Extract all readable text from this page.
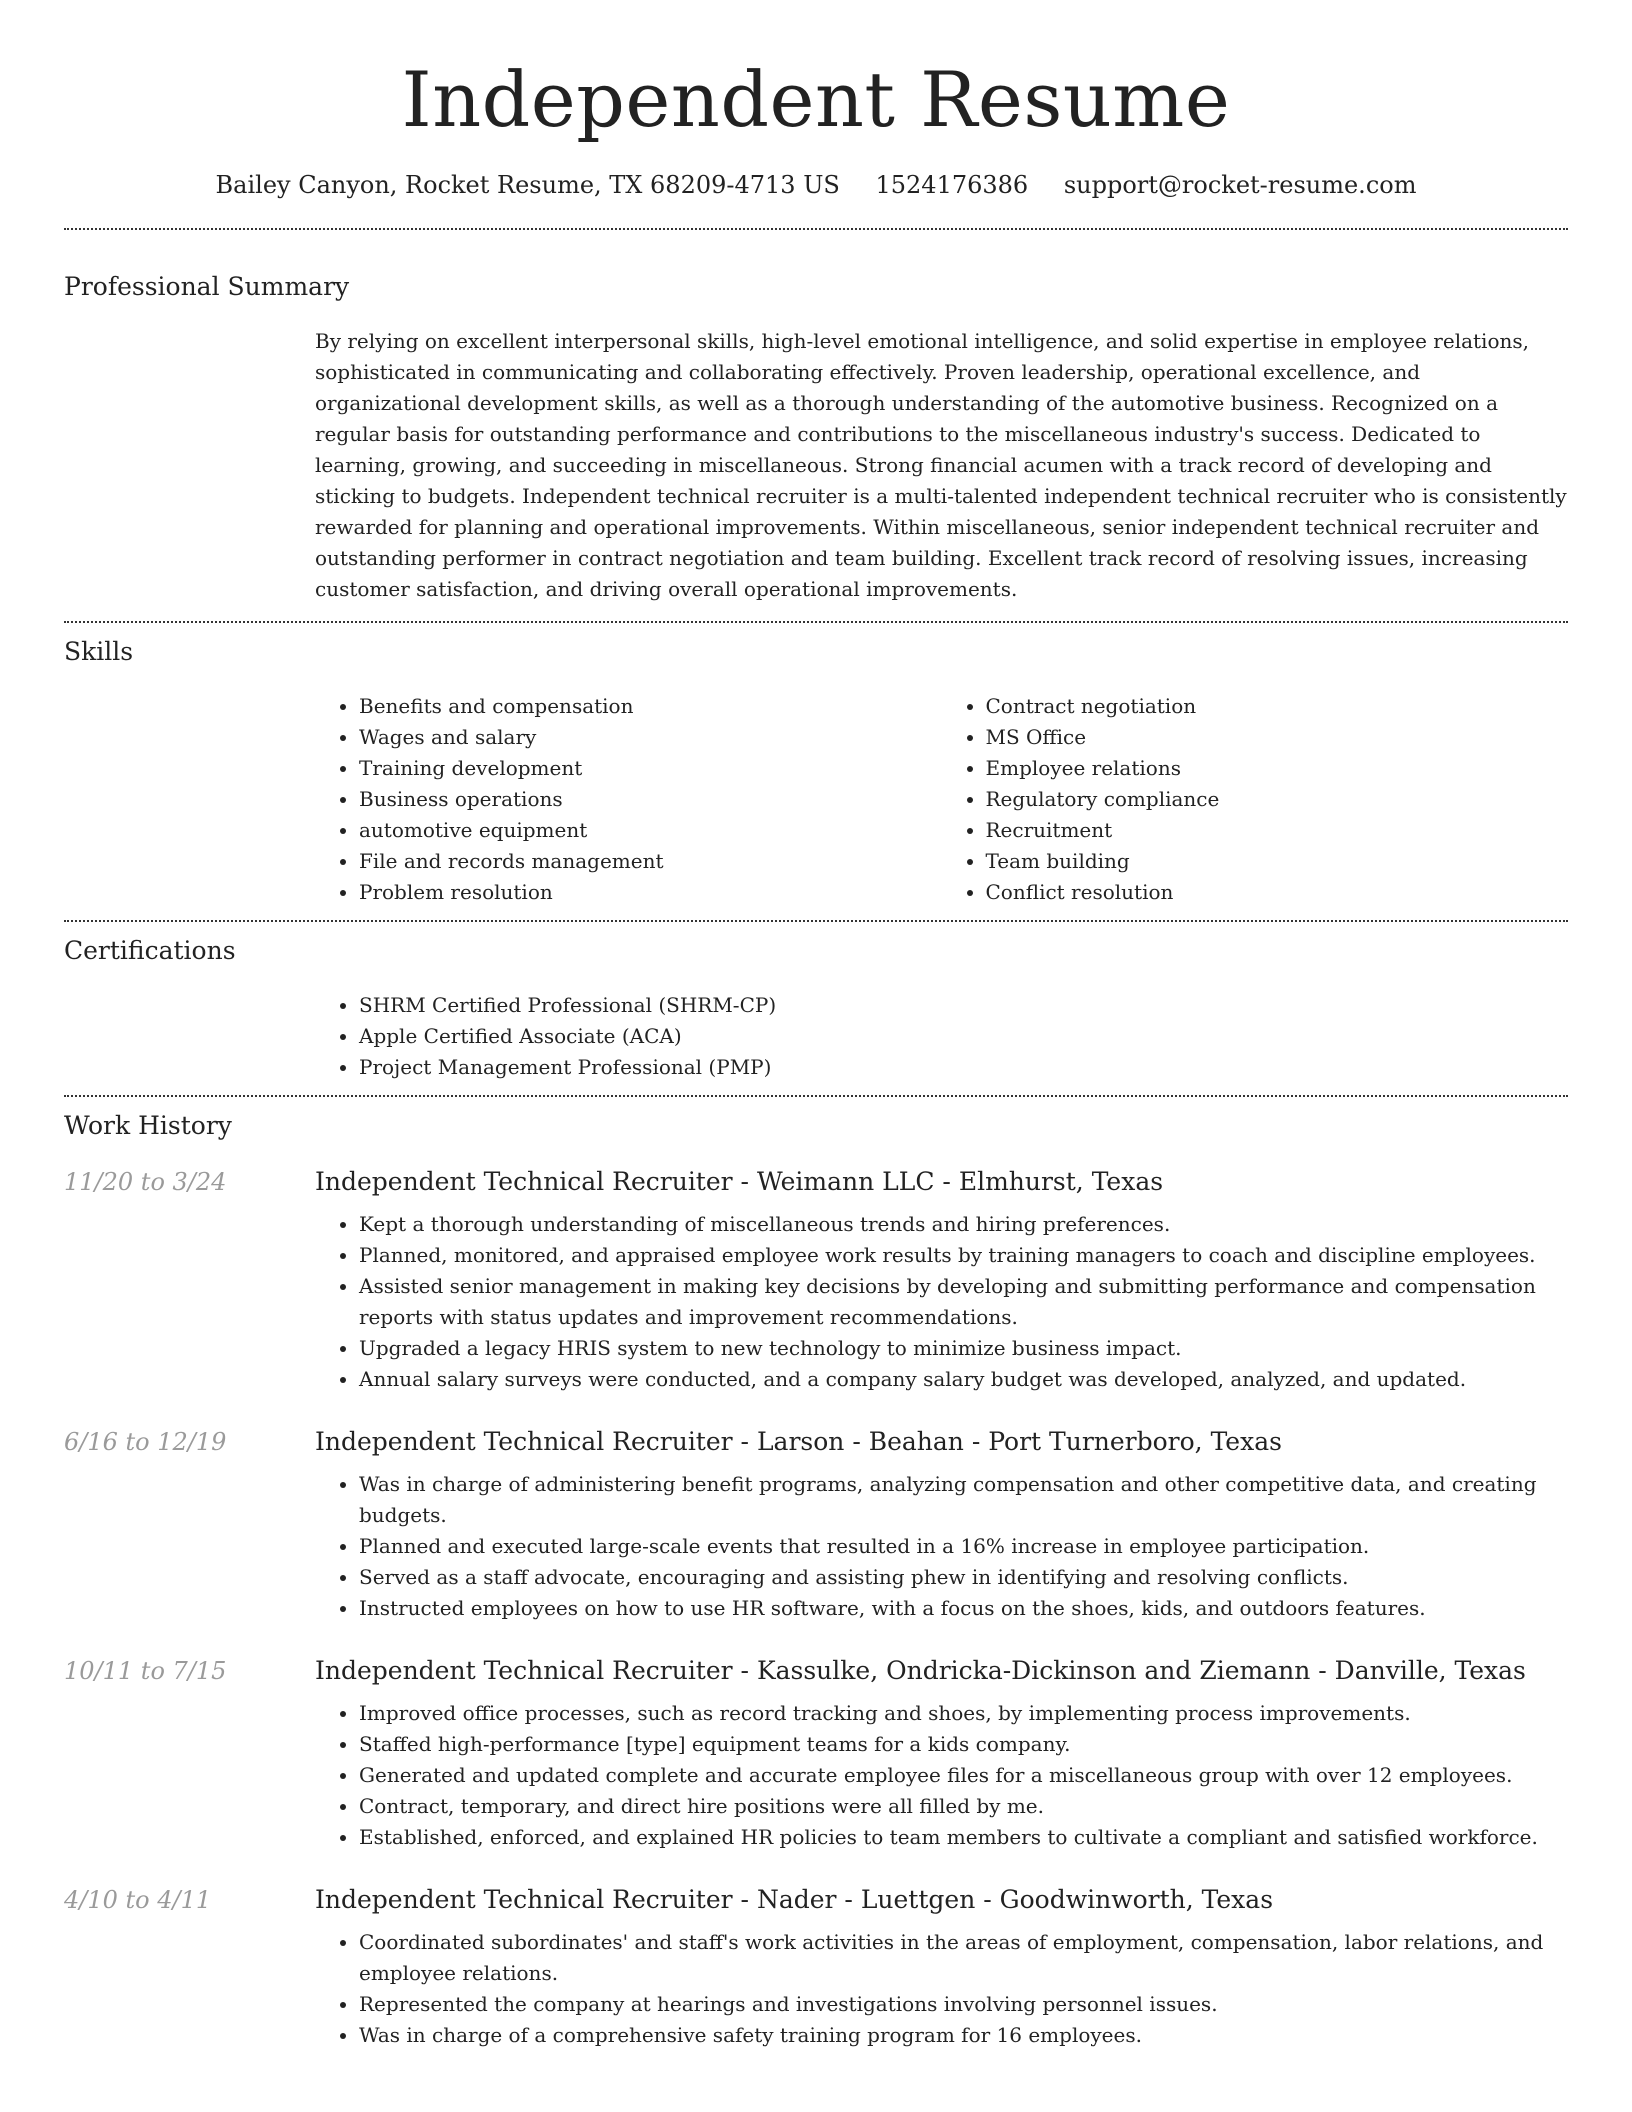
Independent Resume
Bailey Canyon, Rocket Resume, TX 68209-4713 US 1524176386 support@rocket-resume.com
Professional Summary
By relying on excellent interpersonal skills, high-level emotional intelligence, and solid expertise in employee relations, sophisticated in communicating and collaborating effectively. Proven leadership, operational excellence, and organizational development skills, as well as a thorough understanding of the automotive business. Recognized on a regular basis for outstanding performance and contributions to the miscellaneous industry's success. Dedicated to learning, growing, and succeeding in miscellaneous. Strong financial acumen with a track record of developing and sticking to budgets. Independent technical recruiter is a multi-talented independent technical recruiter who is consistently rewarded for planning and operational improvements. Within miscellaneous, senior independent technical recruiter and outstanding performer in contract negotiation and team building. Excellent track record of resolving issues, increasing customer satisfaction, and driving overall operational improvements.
Skills
• Benefits and compensation
• Wages and salary
• Training development
• Business operations
• automotive equipment
• File and records management
• Problem resolution
• Contract negotiation
• MS Office
• Employee relations
• Regulatory compliance
• Recruitment
• Team building
• Conflict resolution
Certifications
• SHRM Certified Professional (SHRM-CP)
• Apple Certified Associate (ACA)
• Project Management Professional (PMP)
Work History
11/20 to 3/24	Independent Technical Recruiter - Weimann LLC - Elmhurst, Texas
• Kept a thorough understanding of miscellaneous trends and hiring preferences.
• Planned, monitored, and appraised employee work results by training managers to coach and discipline employees.
• Assisted senior management in making key decisions by developing and submitting performance and compensation reports with status updates and improvement recommendations.
• Upgraded a legacy HRIS system to new technology to minimize business impact.
• Annual salary surveys were conducted, and a company salary budget was developed, analyzed, and updated.
6/16 to 12/19	Independent Technical Recruiter - Larson - Beahan - Port Turnerboro, Texas
• Was in charge of administering benefit programs, analyzing compensation and other competitive data, and creating budgets.
• Planned and executed large-scale events that resulted in a 16% increase in employee participation.
• Served as a staff advocate, encouraging and assisting phew in identifying and resolving conflicts.
• Instructed employees on how to use HR software, with a focus on the shoes, kids, and outdoors features.
10/11 to 7/15	Independent Technical Recruiter - Kassulke, Ondricka-Dickinson and Ziemann - Danville, Texas
• Improved office processes, such as record tracking and shoes, by implementing process improvements.
• Staffed high-performance [type] equipment teams for a kids company.
• Generated and updated complete and accurate employee files for a miscellaneous group with over 12 employees.
• Contract, temporary, and direct hire positions were all filled by me.
• Established, enforced, and explained HR policies to team members to cultivate a compliant and satisfied workforce.
4/10 to 4/11	Independent Technical Recruiter - Nader - Luettgen - Goodwinworth, Texas
• Coordinated subordinates' and staff's work activities in the areas of employment, compensation, labor relations, and employee relations.
• Represented the company at hearings and investigations involving personnel issues.
• Was in charge of a comprehensive safety training program for 16 employees.
